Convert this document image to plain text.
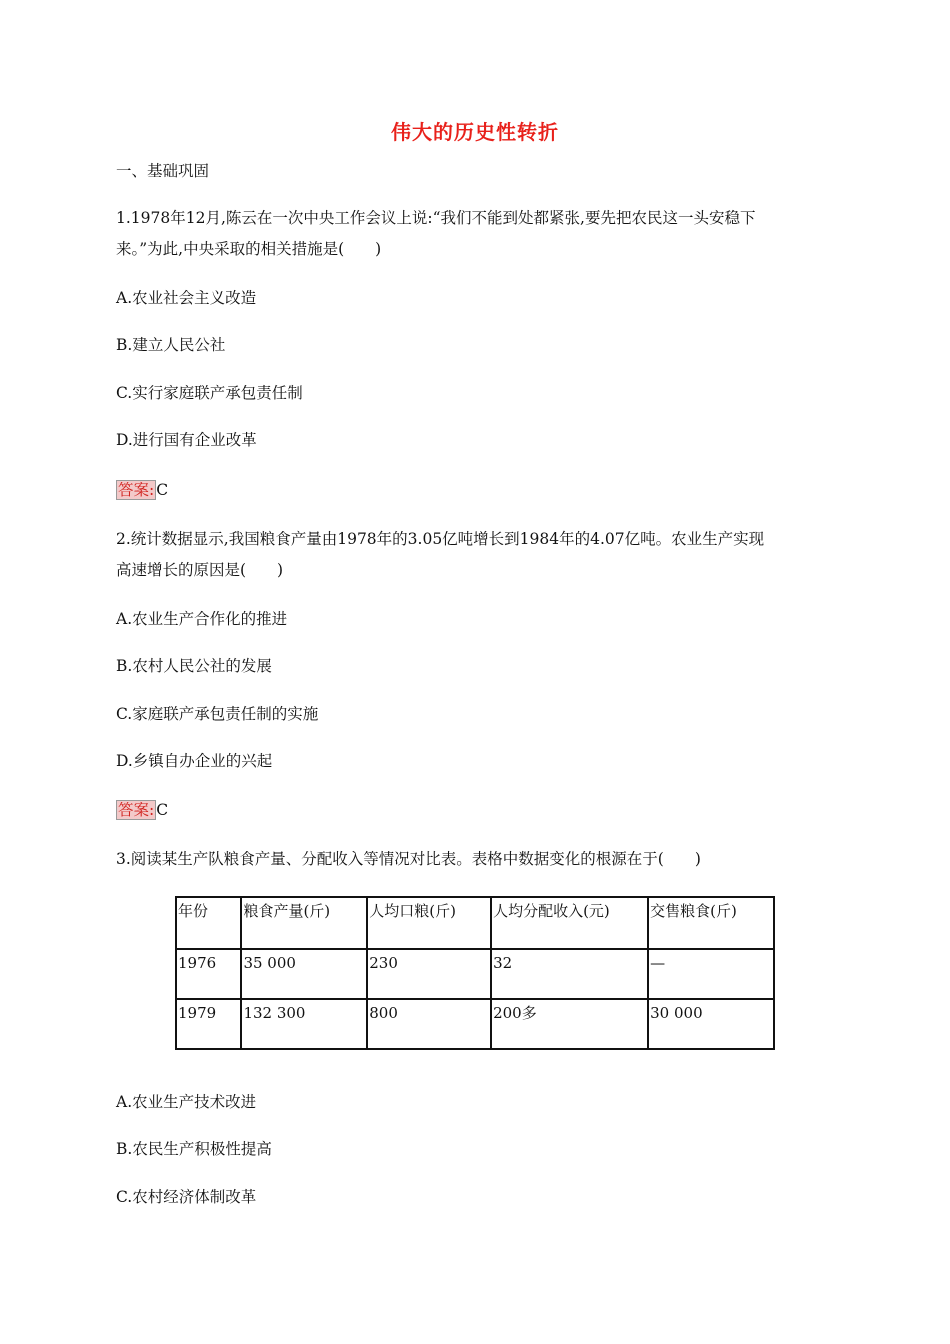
伟大的历史性转折
一、基础巩固
1.1978年12月,陈云在一次中央工作会议上说:“我们不能到处都紧张,要先把农民这一头安稳下
来。”为此,中央采取的相关措施是(　　)
A.农业社会主义改造
B.建立人民公社
C.实行家庭联产承包责任制
D.进行国有企业改革
答案: C
2.统计数据显示,我国粮食产量由1978年的3.05亿吨增长到1984年的4.07亿吨。农业生产实现
高速增长的原因是(　　)
A.农业生产合作化的推进
B.农村人民公社的发展
C.家庭联产承包责任制的实施
D.乡镇自办企业的兴起
答案: C
3.阅读某生产队粮食产量、分配收入等情况对比表。表格中数据变化的根源在于(　　)
年份	粮食产量(斤)	人均口粮(斤)	人均分配收入(元)	交售粮食(斤)
1976	35 000	230	32	—
1979	132 300	800	200多	30 000
A.农业生产技术改进
B.农民生产积极性提高
C.农村经济体制改革
